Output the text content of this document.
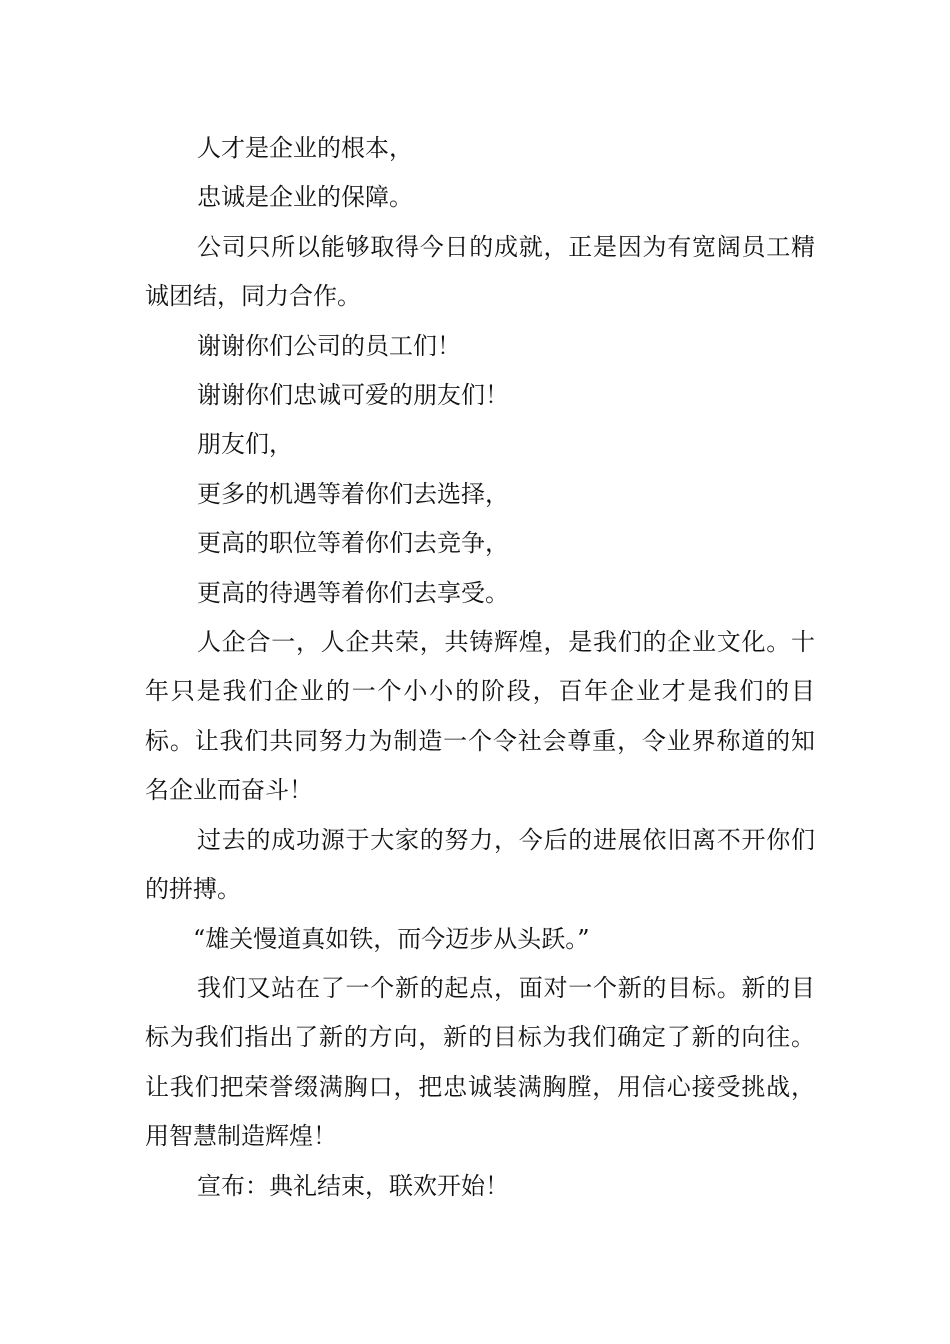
人才是企业的根本，

忠诚是企业的保障。

公司只所以能够取得今日的成就，正是因为有宽阔员工精诚团结，同力合作。

谢谢你们公司的员工们！

谢谢你们忠诚可爱的朋友们！

朋友们，

更多的机遇等着你们去选择，

更高的职位等着你们去竞争，

更高的待遇等着你们去享受。

人企合一，人企共荣，共铸辉煌，是我们的企业文化。十年只是我们企业的一个小小的阶段，百年企业才是我们的目标。让我们共同努力为制造一个令社会尊重，令业界称道的知名企业而奋斗！

过去的成功源于大家的努力，今后的进展依旧离不开你们的拼搏。

“雄关慢道真如铁，而今迈步从头跃。”

我们又站在了一个新的起点，面对一个新的目标。新的目标为我们指出了新的方向，新的目标为我们确定了新的向往。让我们把荣誉缀满胸口，把忠诚装满胸膛，用信心接受挑战，用智慧制造辉煌！

宣布：典礼结束，联欢开始！
